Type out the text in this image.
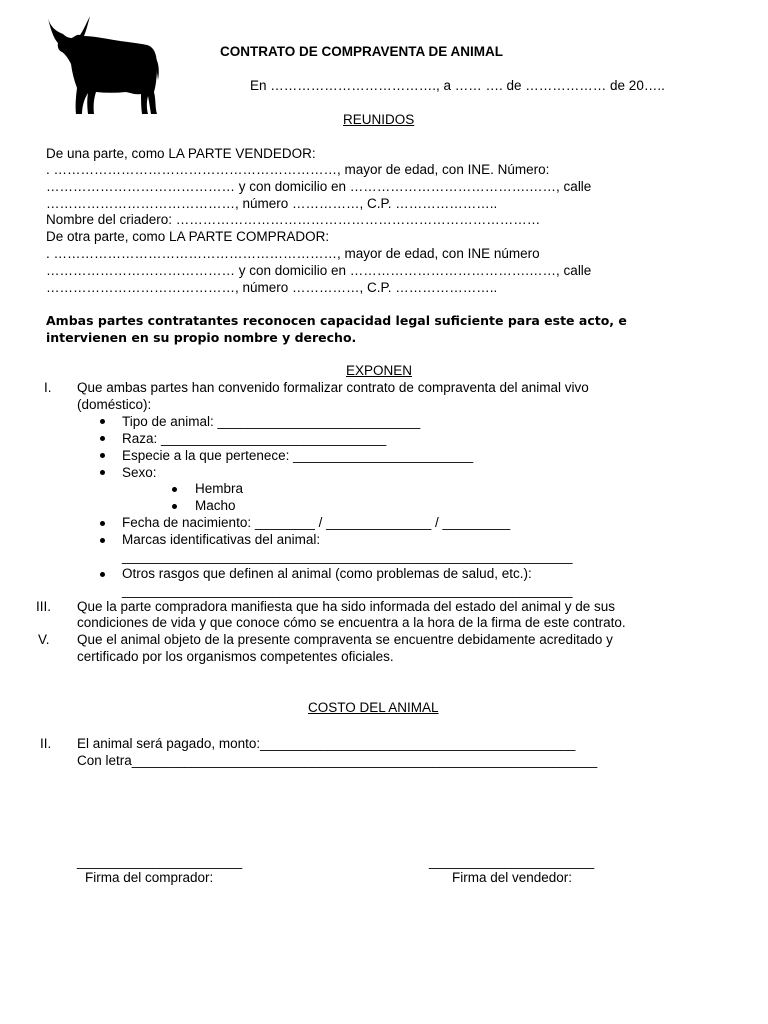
CONTRATO DE COMPRAVENTA DE ANIMAL
En ………………………………., a …… …. de ……………… de 20…..
REUNIDOS
De una parte, como LA PARTE VENDEDOR:
. ………………………………………………………, mayor de edad, con INE. Número:
…………………………………… y con domicilio en ………………………………….……, calle
……………………………………, número ……………, C.P. …………………..
Nombre del criadero: ………………………………………………………………………
De otra parte, como LA PARTE COMPRADOR:
. ………………………………………………………, mayor de edad, con INE número
…………………………………… y con domicilio en ………………………………….……, calle
……………………………………, número ……………, C.P. …………………..
Ambas partes contratantes reconocen capacidad legal suficiente para este acto, e
intervienen en su propio nombre y derecho.
EXPONEN
I. Que ambas partes han convenido formalizar contrato de compraventa del animal vivo
(doméstico):
Tipo de animal: ___________________________
Raza: ______________________________
Especie a la que pertenece: ________________________
Sexo:
Hembra
Macho
Fecha de nacimiento: ________ / ______________ / _________
Marcas identificativas del animal:
____________________________________________________________
Otros rasgos que definen al animal (como problemas de salud, etc.):
____________________________________________________________
III. Que la parte compradora manifiesta que ha sido informada del estado del animal y de sus
condiciones de vida y que conoce cómo se encuentra a la hora de la firma de este contrato.
V. Que el animal objeto de la presente compraventa se encuentre debidamente acreditado y
certificado por los organismos competentes oficiales.
COSTO DEL ANIMAL
II. El animal será pagado, monto:__________________________________________
Con letra______________________________________________________________
______________________
Firma del comprador:
______________________
Firma del vendedor:
